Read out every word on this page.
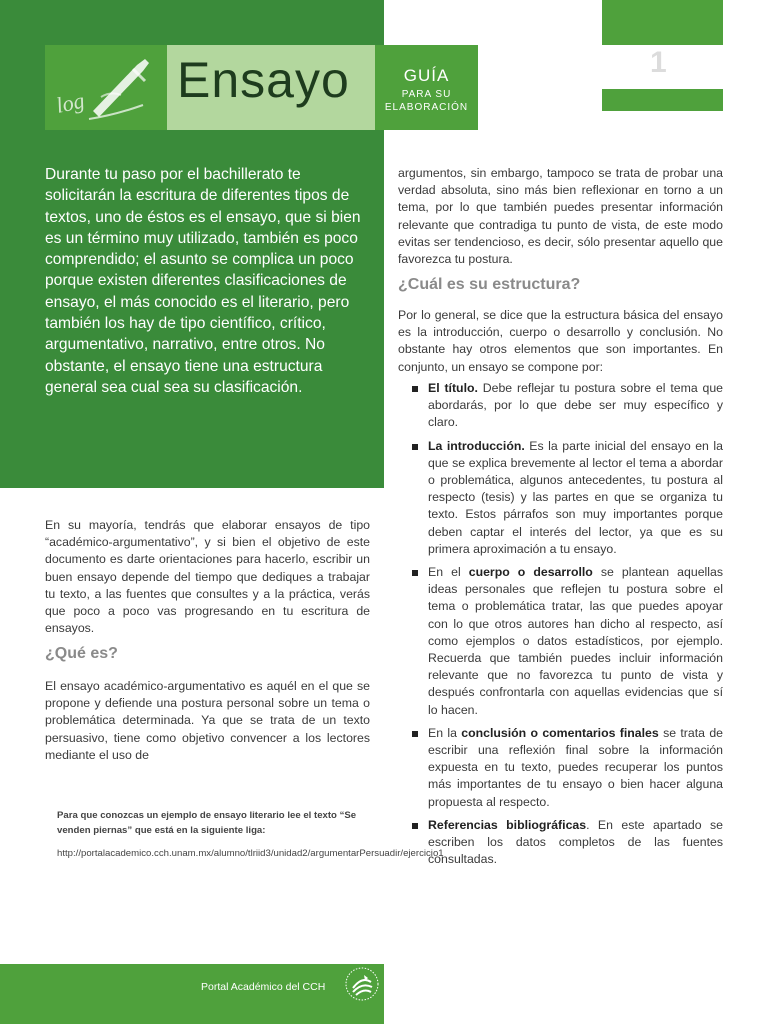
log Ensayo	GUÍA
PARA SU
ELABORACIÓN
1

Durante tu paso por el bachillerato te solicitarán la escritura de diferentes tipos de textos, uno de éstos es el ensayo, que si bien es un término muy utilizado, también es poco comprendido; el asunto se complica un poco porque existen diferentes clasificaciones de ensayo, el más conocido es el literario, pero también los hay de tipo científico, crítico, argumentativo, narrativo, entre otros. No obstante, el ensayo tiene una estructura general sea cual sea su clasificación.

En su mayoría, tendrás que elaborar ensayos de tipo “académico-argumentativo”, y si bien el objetivo de este documento es darte orientaciones para hacerlo, escribir un buen ensayo depende del tiempo que dediques a trabajar tu texto, a las fuentes que consultes y a la práctica, verás que poco a poco vas progresando en tu escritura de ensayos.

¿Qué es?

El ensayo académico-argumentativo es aquél en el que se propone y defiende una postura personal sobre un tema o problemática determinada. Ya que se trata de un texto persuasivo, tiene como objetivo convencer a los lectores mediante el uso de

Para que conozcas un ejemplo de ensayo literario lee el texto “Se venden piernas” que está en la siguiente liga:
http://portalacademico.cch.unam.mx/alumno/tlriid3/unidad2/argumentarPersuadir/ejercicio1

argumentos, sin embargo, tampoco se trata de probar una verdad absoluta, sino más bien reflexionar en torno a un tema, por lo que también puedes presentar información relevante que contradiga tu punto de vista, de este modo evitas ser tendencioso, es decir, sólo presentar aquello que favorezca tu postura.

¿Cuál es su estructura?

Por lo general, se dice que la estructura básica del ensayo es la introducción, cuerpo o desarrollo y conclusión. No obstante hay otros elementos que son importantes. En conjunto, un ensayo se compone por:

El título. Debe reflejar tu postura sobre el tema que abordarás, por lo que debe ser muy específico y claro.
La introducción. Es la parte inicial del ensayo en la que se explica brevemente al lector el tema a abordar o problemática, algunos antecedentes, tu postura al respecto (tesis) y las partes en que se organiza tu texto. Estos párrafos son muy importantes porque deben captar el interés del lector, ya que es su primera aproximación a tu ensayo.
En el cuerpo o desarrollo se plantean aquellas ideas personales que reflejen tu postura sobre el tema o problemática tratar, las que puedes apoyar con lo que otros autores han dicho al respecto, así como ejemplos o datos estadísticos, por ejemplo. Recuerda que también puedes incluir información relevante que no favorezca tu punto de vista y después confrontarla con aquellas evidencias que sí lo hacen.
En la conclusión o comentarios finales se trata de escribir una reflexión final sobre la información expuesta en tu texto, puedes recuperar los puntos más importantes de tu ensayo o bien hacer alguna propuesta al respecto.
Referencias bibliográficas. En este apartado se escriben los datos completos de las fuentes consultadas.
Portal Académico del CCH
